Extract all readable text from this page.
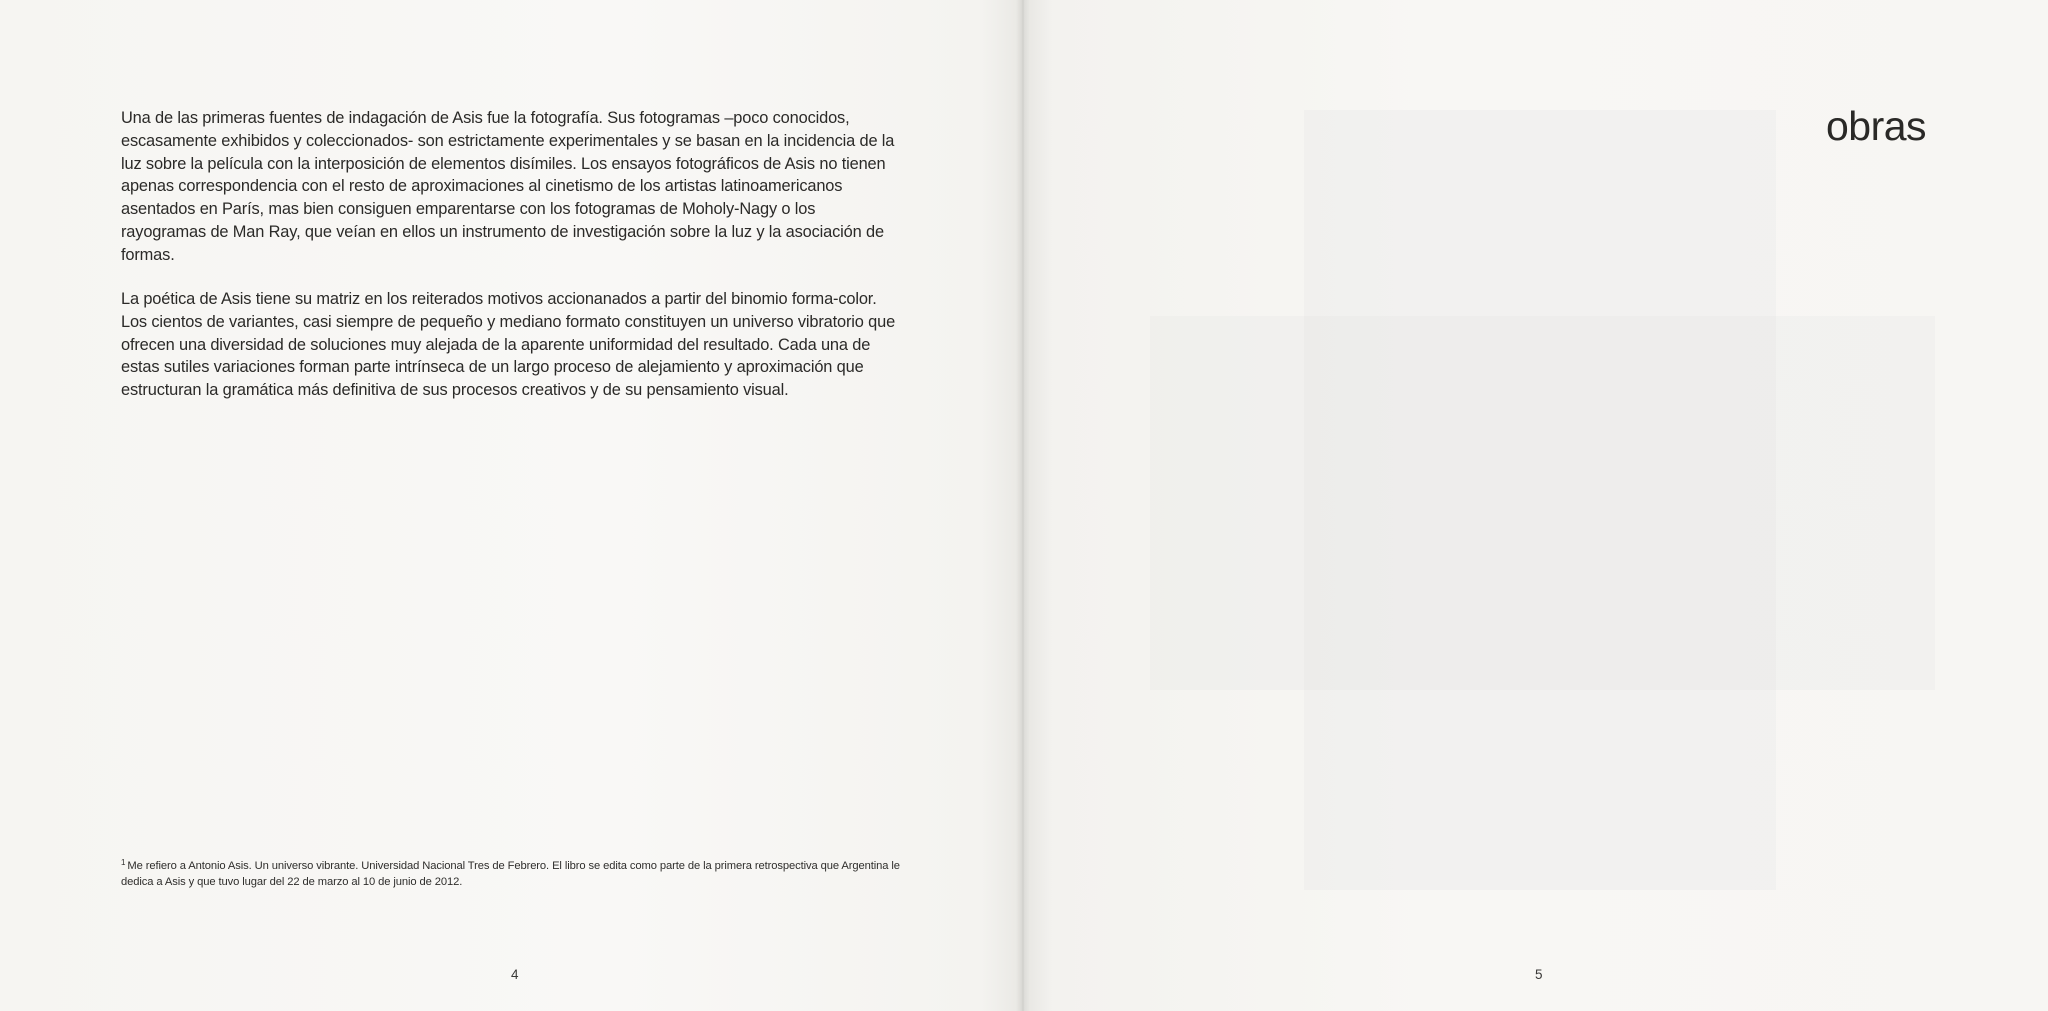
Una de las primeras fuentes de indagación de Asis fue la fotografía. Sus fotogramas –poco conocidos, escasamente exhibidos y coleccionados- son estrictamente experimentales y se basan en la incidencia de la luz sobre la película con la interposición de elementos disímiles. Los ensayos fotográficos de Asis no tienen apenas correspondencia con el resto de aproximaciones al cinetismo de los artistas latinoamericanos asentados en París, mas bien consiguen emparentarse con los fotogramas de Moholy-Nagy o los rayogramas de Man Ray, que veían en ellos un instrumento de investigación sobre la luz y la asociación de formas.

La poética de Asis tiene su matriz en los reiterados motivos accionanados a partir del binomio forma-color. Los cientos de variantes, casi siempre de pequeño y mediano formato constituyen un universo vibratorio que ofrecen una diversidad de soluciones muy alejada de la aparente uniformidad del resultado. Cada una de estas sutiles variaciones forman parte intrínseca de un largo proceso de alejamiento y aproximación que estructuran la gramática más definitiva de sus procesos creativos y de su pensamiento visual.

$^1$ Me refiero a Antonio Asis. Un universo vibrante. Universidad Nacional Tres de Febrero. El libro se edita como parte de la primera retrospectiva que Argentina le dedica a Asis y que tuvo lugar del 22 de marzo al 10 de junio de 2012.
4
obras
5
